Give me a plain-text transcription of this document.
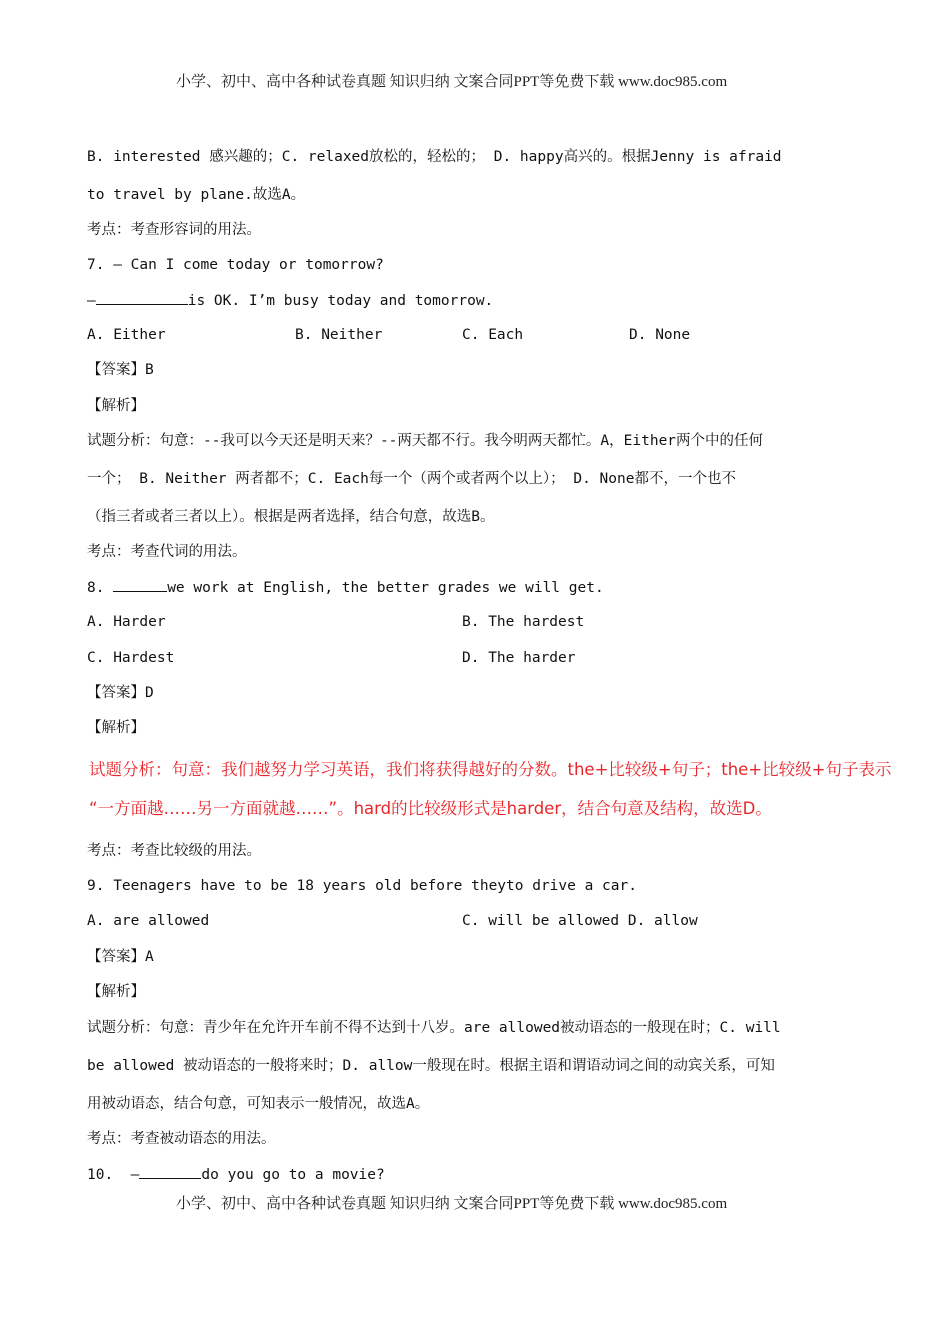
小学、初中、高中各种试卷真题 知识归纳 文案合同PPT等免费下载 www.doc985.com
B. interested 感兴趣的；C. relaxed放松的，轻松的； D. happy高兴的。根据Jenny is afraid
to travel by plane.故选A。
考点：考查形容词的用法。
7. — Can I come today or tomorrow?
—	is OK. I’m busy today and tomorrow.
A. Either	B. Neither	C. Each	D. None
【答案】B
【解析】
试题分析：句意：--我可以今天还是明天来？--两天都不行。我今明两天都忙。A，Either两个中的任何
一个； B. Neither 两者都不；C. Each每一个（两个或者两个以上）； D. None都不，一个也不
（指三者或者三者以上）。根据是两者选择，结合句意，故选B。
考点：考查代词的用法。
8.	we work at English, the better grades we will get.
A. Harder	B. The hardest
C. Hardest	D. The harder
【答案】D
【解析】
试题分析：句意：我们越努力学习英语，我们将获得越好的分数。the+比较级+句子；the+比较级+句子表示
“一方面越……另一方面就越……”。hard的比较级形式是harder，结合句意及结构，故选D。
考点：考查比较级的用法。
9. Teenagers have to be 18 years old before theyto drive a car.
A. are allowed	C. will be allowed D. allow
【答案】A
【解析】
试题分析：句意：青少年在允许开车前不得不达到十八岁。are allowed被动语态的一般现在时；C. will
be allowed 被动语态的一般将来时；D. allow一般现在时。根据主语和谓语动词之间的动宾关系，可知
用被动语态，结合句意，可知表示一般情况，故选A。
考点：考查被动语态的用法。
10. —	do you go to a movie?
小学、初中、高中各种试卷真题 知识归纳 文案合同PPT等免费下载 www.doc985.com
